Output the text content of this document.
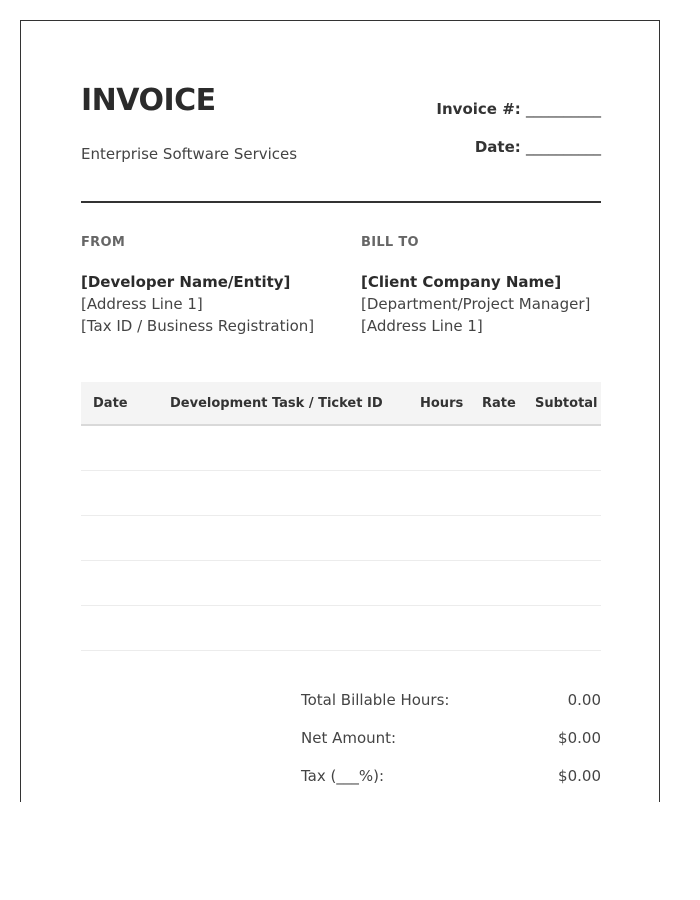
INVOICE
Enterprise Software Services
Invoice #: __________
Date: __________
FROM
[Developer Name/Entity]
[Address Line 1]
[Tax ID / Business Registration]
BILL TO
[Client Company Name]
[Department/Project Manager]
[Address Line 1]
Date	Development Task / Ticket ID	Hours Rate Subtotal
Total Billable Hours:	0.00
Net Amount:	$0.00
Tax (___%):	$0.00
